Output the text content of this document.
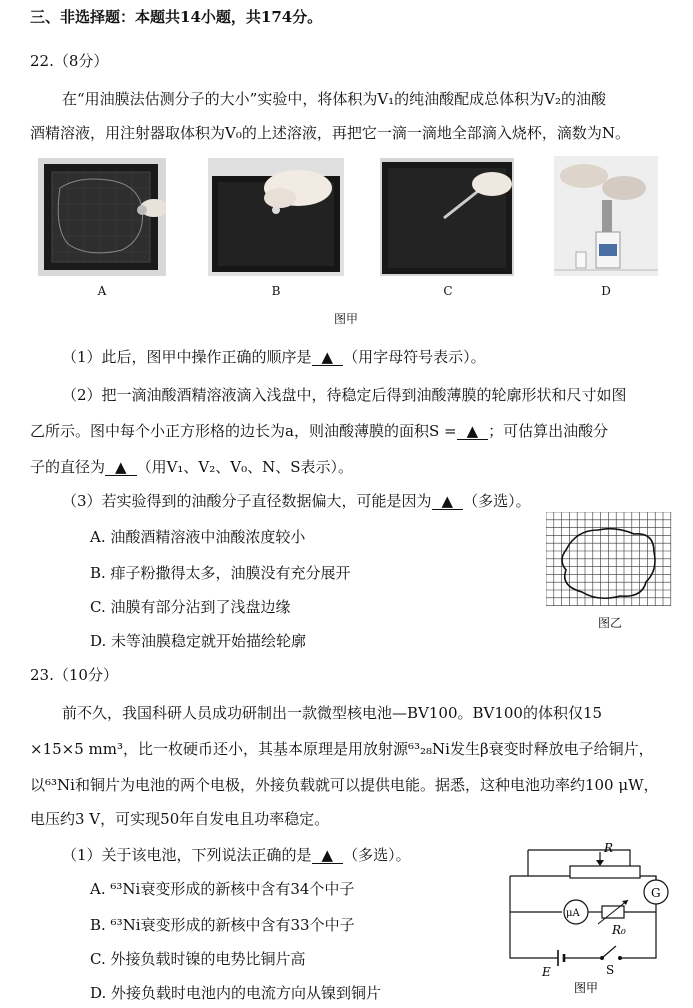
三、非选择题：本题共14小题，共174分。
22.（8分）
在“用油膜法估测分子的大小”实验中，将体积为V₁的纯油酸配成总体积为V₂的油酸
酒精溶液，用注射器取体积为V₀的上述溶液，再把它一滴一滴地全部滴入烧杯，滴数为N。
A	B	C	D
图甲
（1）此后，图甲中操作正确的顺序是 ▲ （用字母符号表示）。
（2）把一滴油酸酒精溶液滴入浅盘中，待稳定后得到油酸薄膜的轮廓形状和尺寸如图
乙所示。图中每个小正方形格的边长为a，则油酸薄膜的面积S = ▲ ；可估算出油酸分
子的直径为 ▲ （用V₁、V₂、V₀、N、S表示）。
（3）若实验得到的油酸分子直径数据偏大，可能是因为 ▲ （多选）。
A. 油酸酒精溶液中油酸浓度较小
B. 痱子粉撒得太多，油膜没有充分展开
C. 油膜有部分沾到了浅盘边缘
D. 未等油膜稳定就开始描绘轮廓
图乙
23.（10分）
前不久，我国科研人员成功研制出一款微型核电池—BV100。BV100的体积仅15
×15×5 mm³，比一枚硬币还小，其基本原理是用放射源⁶³₂₈Ni发生β衰变时释放电子给铜片，
以⁶³Ni和铜片为电池的两个电极，外接负载就可以提供电能。据悉，这种电池功率约100 μW，
电压约3 V，可实现50年自发电且功率稳定。
（1）关于该电池，下列说法正确的是 ▲ （多选）。
A. ⁶³Ni衰变形成的新核中含有34个中子
B. ⁶³Ni衰变形成的新核中含有33个中子
C. 外接负载时镍的电势比铜片高
D. 外接负载时电池内的电流方向从镍到铜片
R
G
μA
R₀
E	S
图甲
